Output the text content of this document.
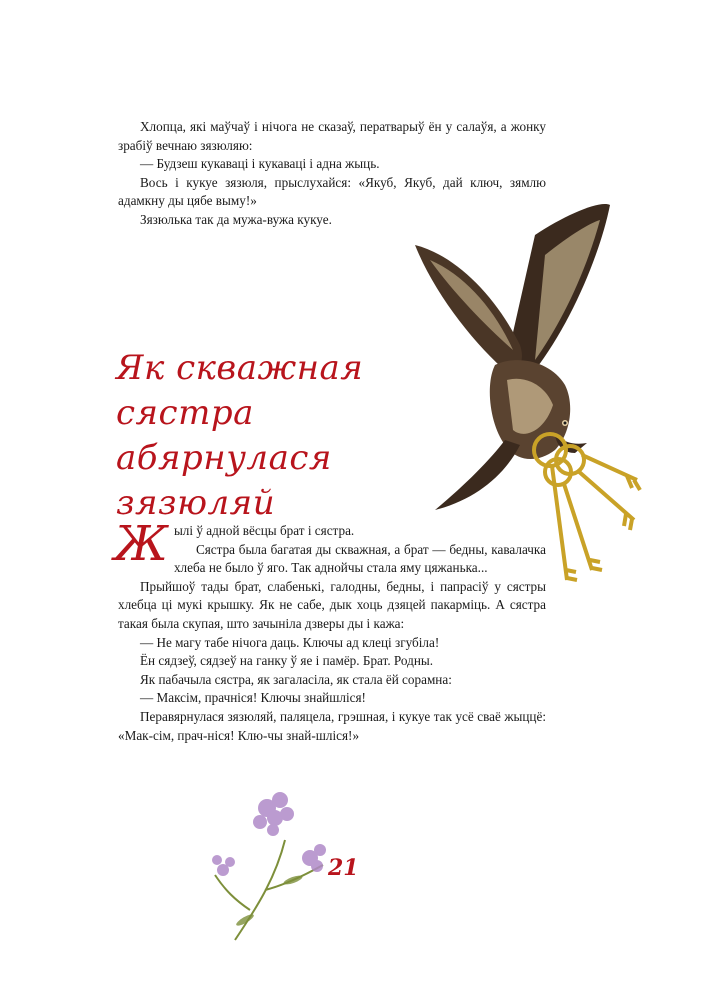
Хлопца, які маўчаў і нічога не сказаў, ператварыў ён у салаўя, а жонку зрабіў вечнаю зязюляю:

— Будзеш кукаваці і кукаваці і адна жыць.

Вось і кукуе зязюля, прыслухайся: «Якуб, Якуб, дай ключ, зямлю адамкну ды цябе выму!»

Зязюлька так да мужа-вужа кукуе.

Як скважная
сястра
абярнулася
зязюляй

Жылі ў адной вёсцы брат і сястра.

Сястра была багатая ды скважная, а брат — бедны, кавалачка хлеба не было ў яго. Так аднойчы стала яму цяжанька...

Прыйшоў тады брат, слабенькі, галодны, бедны, і папрасіў у сястры хлебца ці мукі крышку. Як не сабе, дык хоць дзяцей пакарміць. А сястра такая была скупая, што зачыніла дзверы ды і кажа:

— Не магу табе нічога даць. Ключы ад клеці згубіла!

Ён сядзеў, сядзеў на ганку ў яе і памёр. Брат. Родны.

Як пабачыла сястра, як загаласіла, як стала ёй сорамна:

— Максім, прачніся! Ключы знайшліся!

Перавярнулася зязюляй, паляцела, грэшная, і кукуе так усё сваё жыццё: «Мак-сім, прач-ніся! Клю-чы знай-шліся!»

21
